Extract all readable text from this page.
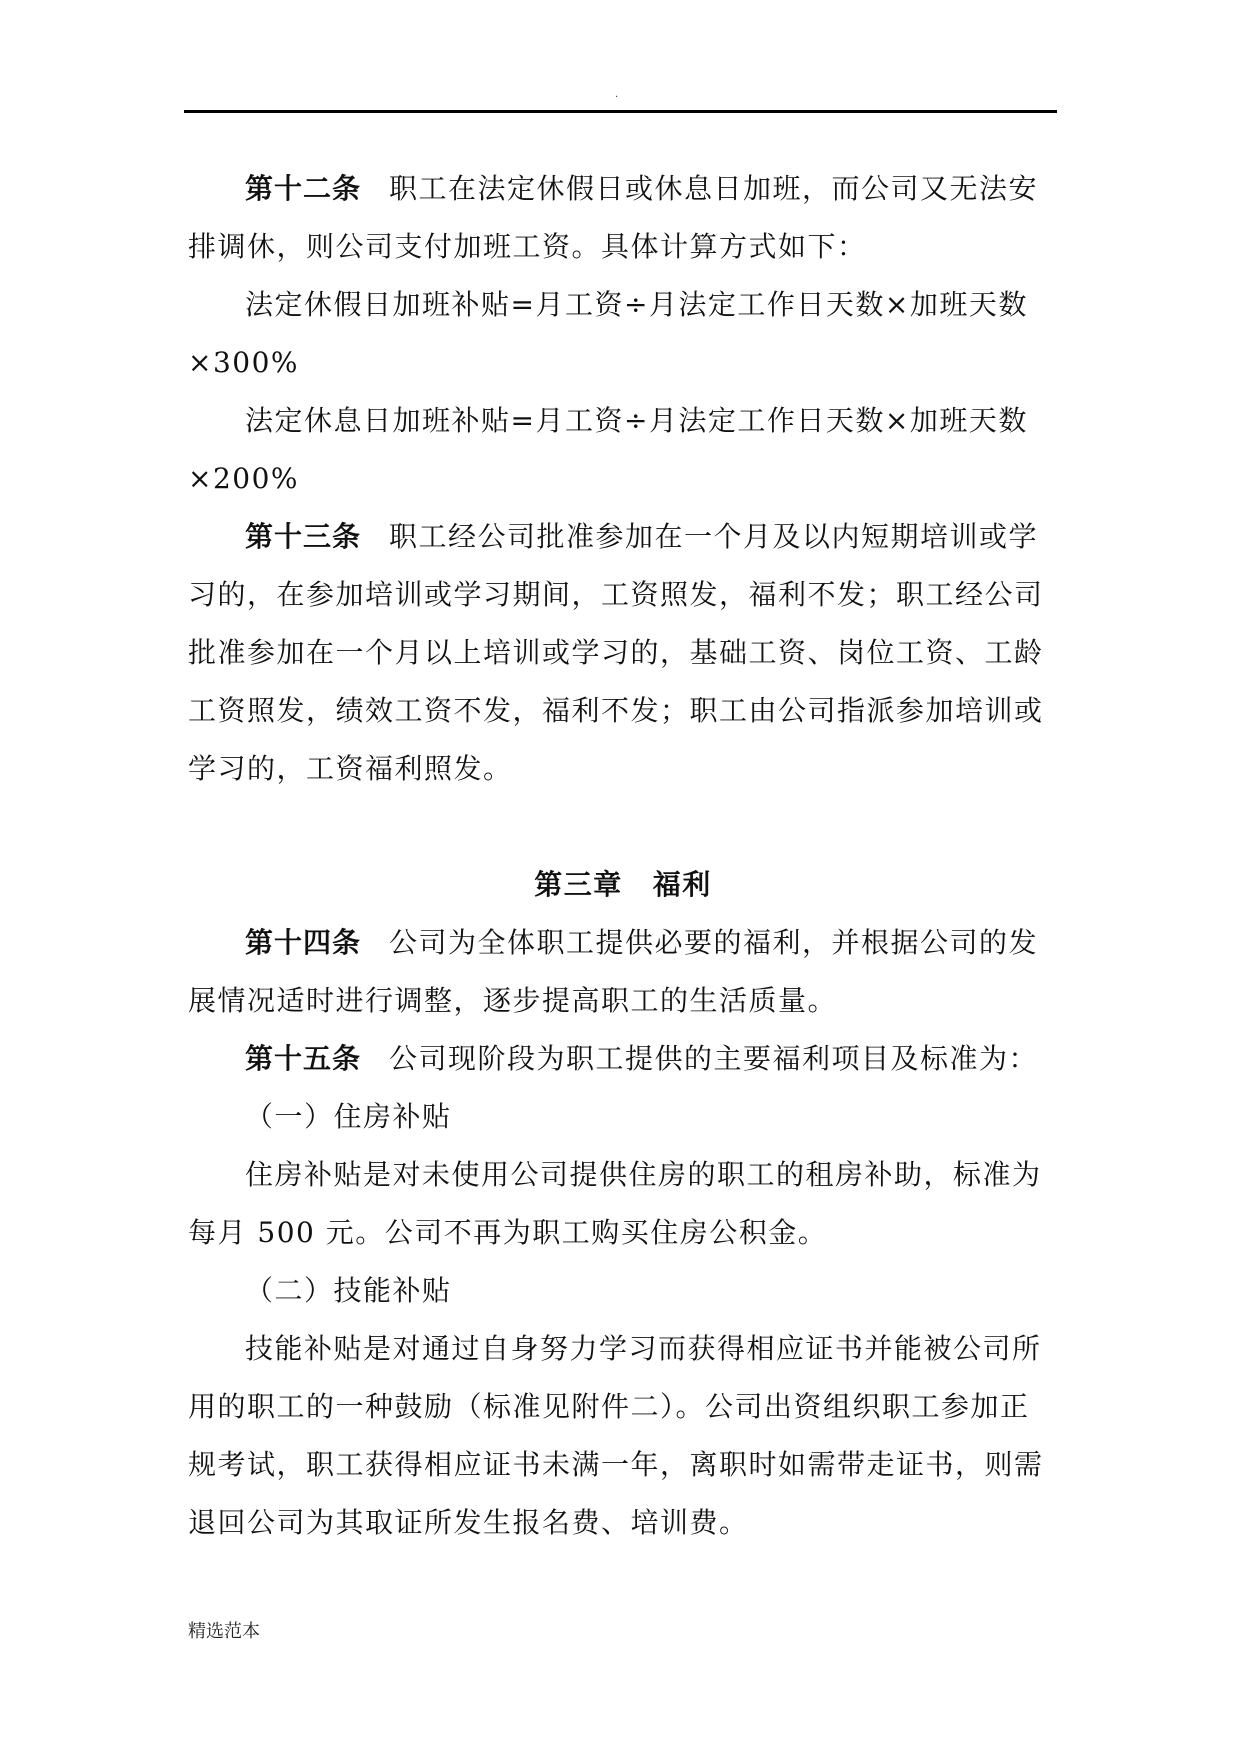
.

第十二条 职工在法定休假日或休息日加班，而公司又无法安排调休，则公司支付加班工资。具体计算方式如下：

法定休假日加班补贴=月工资÷月法定工作日天数×加班天数×300%

法定休息日加班补贴=月工资÷月法定工作日天数×加班天数×200%

第十三条 职工经公司批准参加在一个月及以内短期培训或学习的，在参加培训或学习期间，工资照发，福利不发；职工经公司批准参加在一个月以上培训或学习的，基础工资、岗位工资、工龄工资照发，绩效工资不发，福利不发；职工由公司指派参加培训或学习的，工资福利照发。

第三章 福利

第十四条 公司为全体职工提供必要的福利，并根据公司的发展情况适时进行调整，逐步提高职工的生活质量。

第十五条 公司现阶段为职工提供的主要福利项目及标准为：

（一）住房补贴

住房补贴是对未使用公司提供住房的职工的租房补助，标准为每月 500 元。公司不再为职工购买住房公积金。

（二）技能补贴

技能补贴是对通过自身努力学习而获得相应证书并能被公司所用的职工的一种鼓励（标准见附件二）。公司出资组织职工参加正规考试，职工获得相应证书未满一年，离职时如需带走证书，则需退回公司为其取证所发生报名费、培训费。

精选范本
